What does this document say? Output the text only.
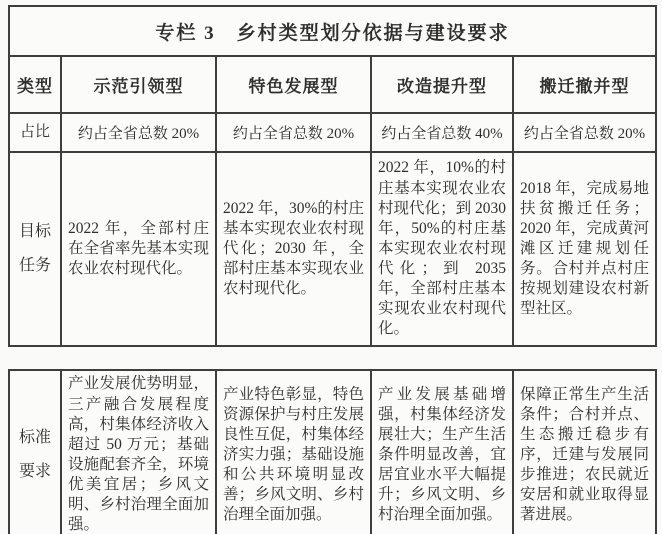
专栏 3　乡村类型划分依据与建设要求				
类型	示范引领型	特色发展型	改造提升型	搬迁撤并型
占比	约占全省总数 20%	约占全省总数 20%	约占全省总数 40%	约占全省总数 20%
目标任务	2022 年，全部村庄在全省率先基本实现农业农村现代化。	2022 年，30%的村庄基本实现农业农村现代化；2030 年，全部村庄基本实现农业农村现代化。	2022 年，10%的村庄基本实现农业农村现代化；到 2030 年，50%的村庄基本实现农业农村现代化；到 2035 年，全部村庄基本实现农业农村现代化。	2018 年，完成易地扶贫搬迁任务；2020 年，完成黄河滩区迁建规划任务。合村并点村庄按规划建设农村新型社区。
标准要求	产业发展优势明显，三产融合发展程度高，村集体经济收入超过 50 万元；基础设施配套齐全，环境优美宜居；乡风文明、乡村治理全面加强。	产业特色彰显，特色资源保护与村庄发展良性互促，村集体经济实力强；基础设施和公共环境明显改善；乡风文明、乡村治理全面加强。	产业发展基础增强，村集体经济发展壮大；生产生活条件明显改善，宜居宜业水平大幅提升；乡风文明、乡村治理全面加强。	保障正常生产生活条件；合村并点、生态搬迁稳步有序，迁建与发展同步推进；农民就近安居和就业取得显著进展。
